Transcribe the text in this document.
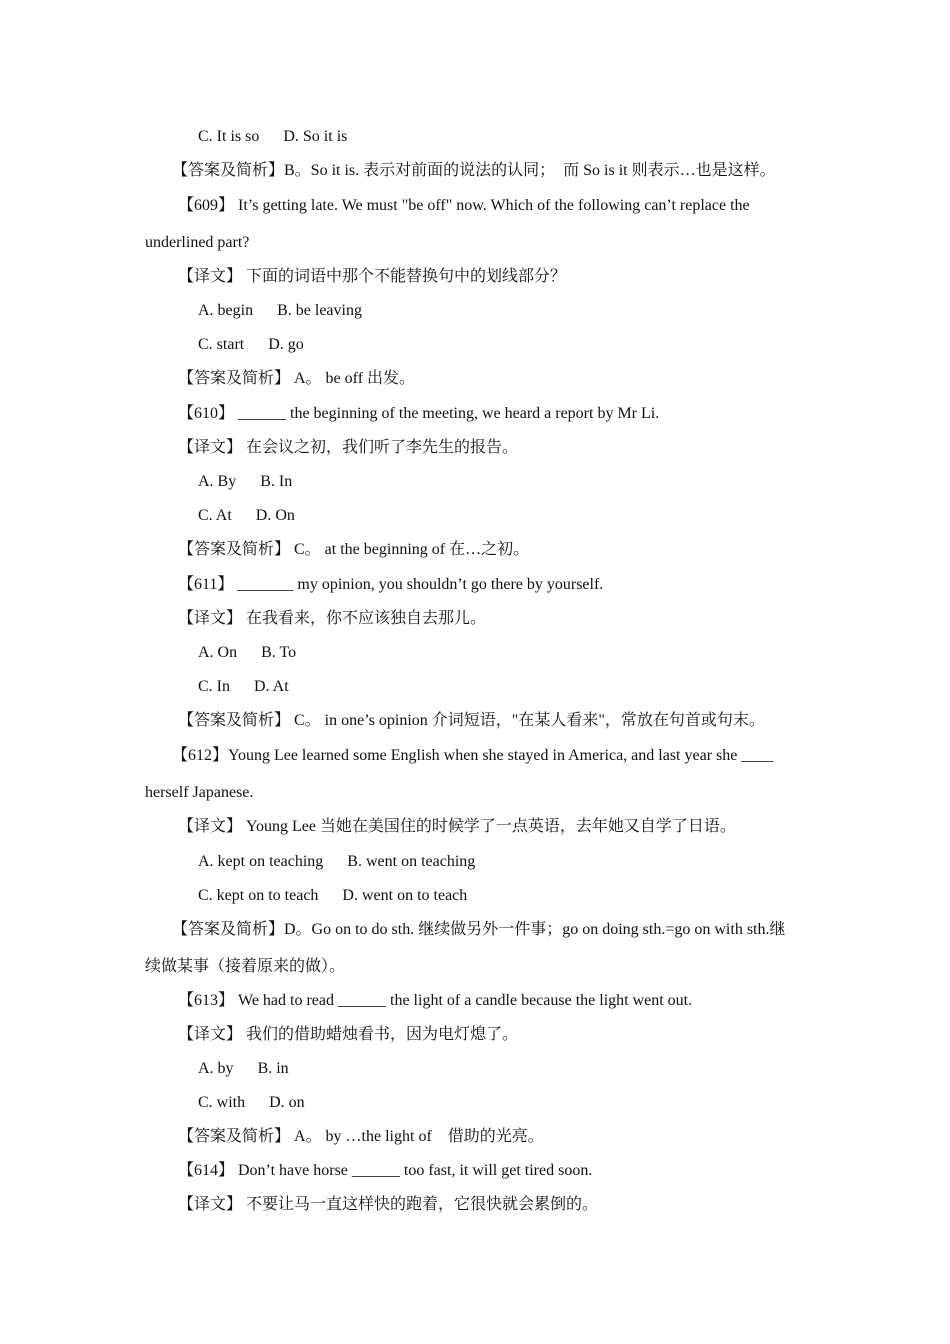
C. It is so D. So it is
【答案及简析】B。So it is. 表示对前面的说法的认同；　而 So is it 则表示…也是这样。
【609】 It’s getting late. We must "be off" now. Which of the following can’t replace the
underlined part?
【译文】 下面的词语中那个不能替换句中的划线部分？
A. begin B. be leaving
C. start D. go
【答案及简析】 A。 be off 出发。
【610】 ______ the beginning of the meeting, we heard a report by Mr Li.
【译文】 在会议之初，我们听了李先生的报告。
A. By B. In
C. At D. On
【答案及简析】 C。 at the beginning of 在…之初。
【611】 _______ my opinion, you shouldn’t go there by yourself.
【译文】 在我看来，你不应该独自去那儿。
A. On B. To
C. In D. At
【答案及简析】 C。 in one’s opinion 介词短语，"在某人看来"，常放在句首或句末。
【612】Young Lee learned some English when she stayed in America, and last year she ____
herself Japanese.
【译文】 Young Lee 当她在美国住的时候学了一点英语，去年她又自学了日语。
A. kept on teaching B. went on teaching
C. kept on to teach D. went on to teach
【答案及简析】D。Go on to do sth. 继续做另外一件事；go on doing sth.=go on with sth.继
续做某事（接着原来的做）。
【613】 We had to read ______ the light of a candle because the light went out.
【译文】 我们的借助蜡烛看书，因为电灯熄了。
A. by B. in
C. with D. on
【答案及简析】 A。 by …the light of　借助的光亮。
【614】 Don’t have horse ______ too fast, it will get tired soon.
【译文】 不要让马一直这样快的跑着，它很快就会累倒的。
